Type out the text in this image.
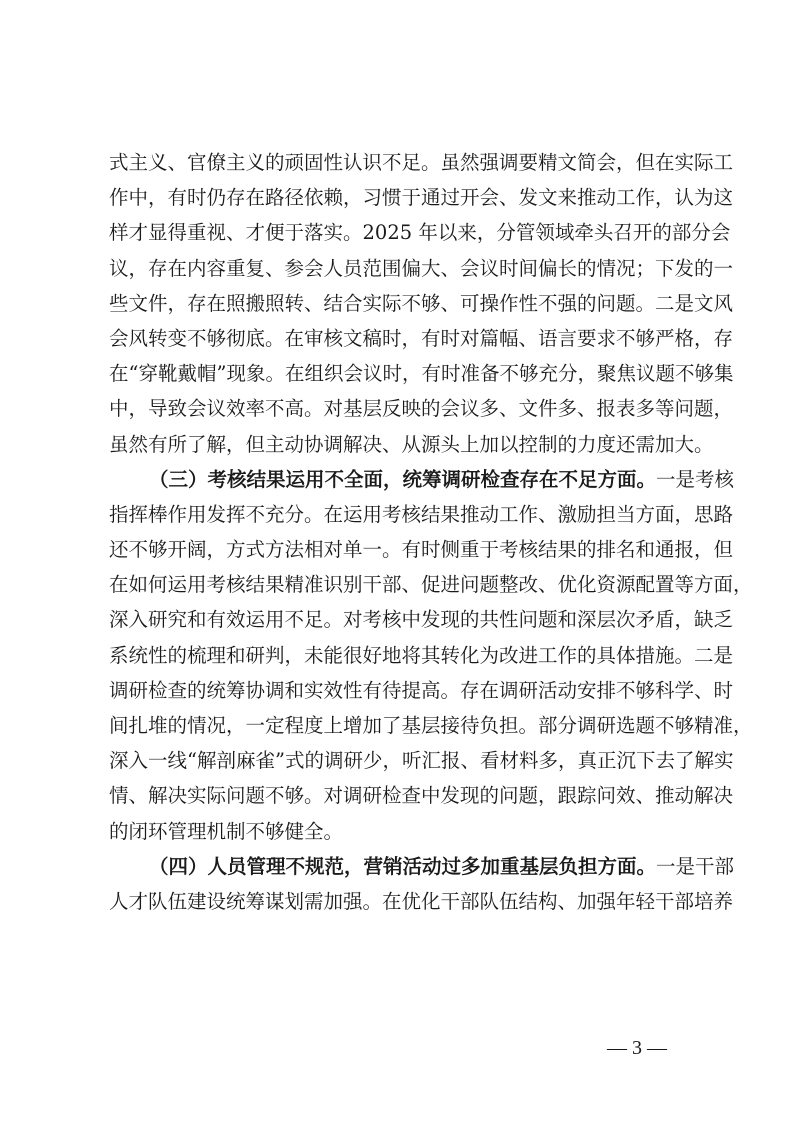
式主义、官僚主义的顽固性认识不足。虽然强调要精文简会，但在实际工
作中，有时仍存在路径依赖，习惯于通过开会、发文来推动工作，认为这
样才显得重视、才便于落实。2025 年以来，分管领域牵头召开的部分会
议，存在内容重复、参会人员范围偏大、会议时间偏长的情况；下发的一
些文件，存在照搬照转、结合实际不够、可操作性不强的问题。二是文风
会风转变不够彻底。在审核文稿时，有时对篇幅、语言要求不够严格，存
在“穿靴戴帽”现象。在组织会议时，有时准备不够充分，聚焦议题不够集
中，导致会议效率不高。对基层反映的会议多、文件多、报表多等问题，
虽然有所了解，但主动协调解决、从源头上加以控制的力度还需加大。
（三）考核结果运用不全面，统筹调研检查存在不足方面。一是考核
指挥棒作用发挥不充分。在运用考核结果推动工作、激励担当方面，思路
还不够开阔，方式方法相对单一。有时侧重于考核结果的排名和通报，但
在如何运用考核结果精准识别干部、促进问题整改、优化资源配置等方面，
深入研究和有效运用不足。对考核中发现的共性问题和深层次矛盾，缺乏
系统性的梳理和研判，未能很好地将其转化为改进工作的具体措施。二是
调研检查的统筹协调和实效性有待提高。存在调研活动安排不够科学、时
间扎堆的情况，一定程度上增加了基层接待负担。部分调研选题不够精准，
深入一线“解剖麻雀”式的调研少，听汇报、看材料多，真正沉下去了解实
情、解决实际问题不够。对调研检查中发现的问题，跟踪问效、推动解决
的闭环管理机制不够健全。
（四）人员管理不规范，营销活动过多加重基层负担方面。一是干部
人才队伍建设统筹谋划需加强。在优化干部队伍结构、加强年轻干部培养
— 3 —
